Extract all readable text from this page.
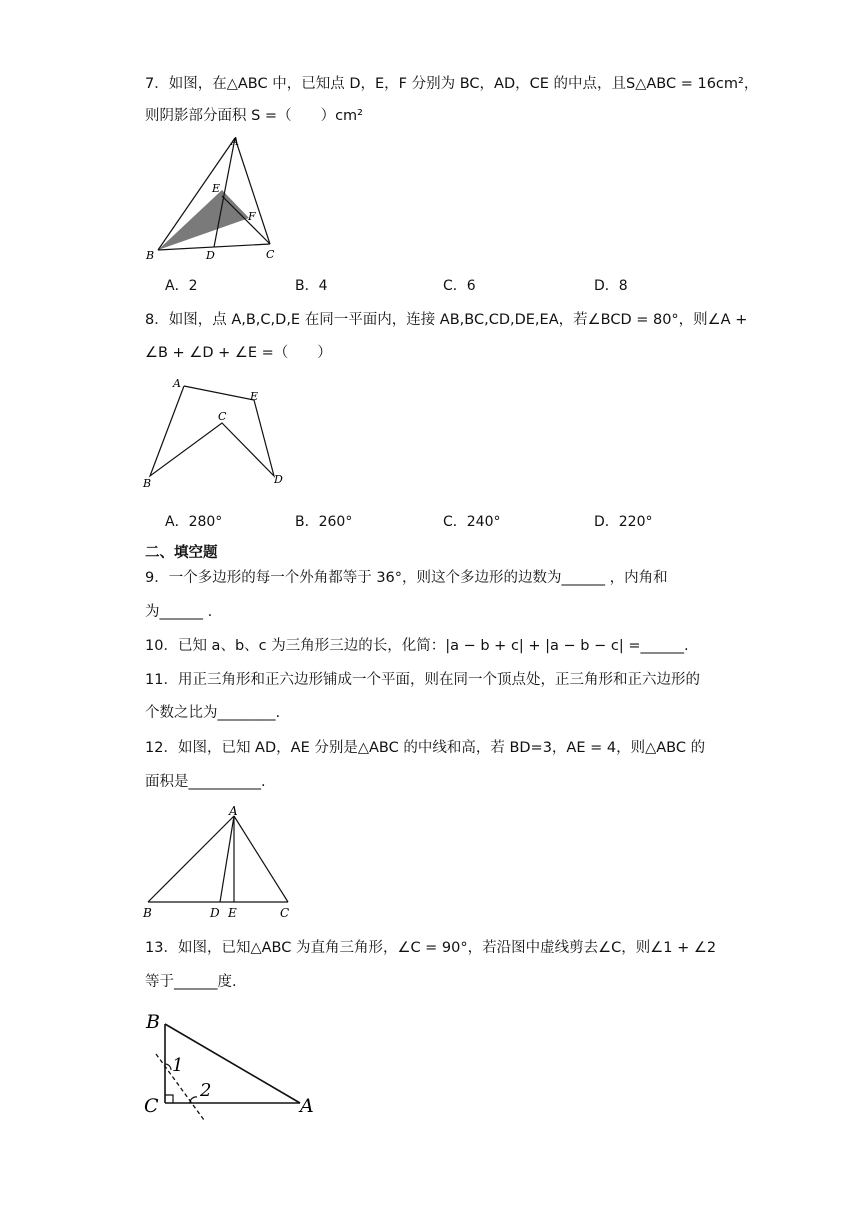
7．如图，在△ABC 中，已知点 D，E，F 分别为 BC，AD，CE 的中点，且S△ABC = 16cm²，
则阴影部分面积 S =（　　）cm²
A
B	C
D
E
F
A．2	B．4	C．6	D．8
8．如图，点 A,B,C,D,E 在同一平面内，连接 AB,BC,CD,DE,EA，若∠BCD = 80°，则∠A +
∠B + ∠D + ∠E =（　　）
A
B
C
D
E
A．280°	B．260°	C．240°	D．220°
二、填空题
9．一个多边形的每一个外角都等于 36°，则这个多边形的边数为______ ，内角和
为______ .
10．已知 a、b、c 为三角形三边的长，化简：|a − b + c| + |a − b − c| =______.
11．用正三角形和正六边形铺成一个平面，则在同一个顶点处，正三角形和正六边形的
个数之比为________.
12．如图，已知 AD，AE 分别是△ABC 的中线和高，若 BD=3，AE = 4，则△ABC 的
面积是__________.
A
B	D E	C
13．如图，已知△ABC 为直角三角形，∠C = 90°，若沿图中虚线剪去∠C，则∠1 + ∠2
等于______度.
1
2
B
C	A
